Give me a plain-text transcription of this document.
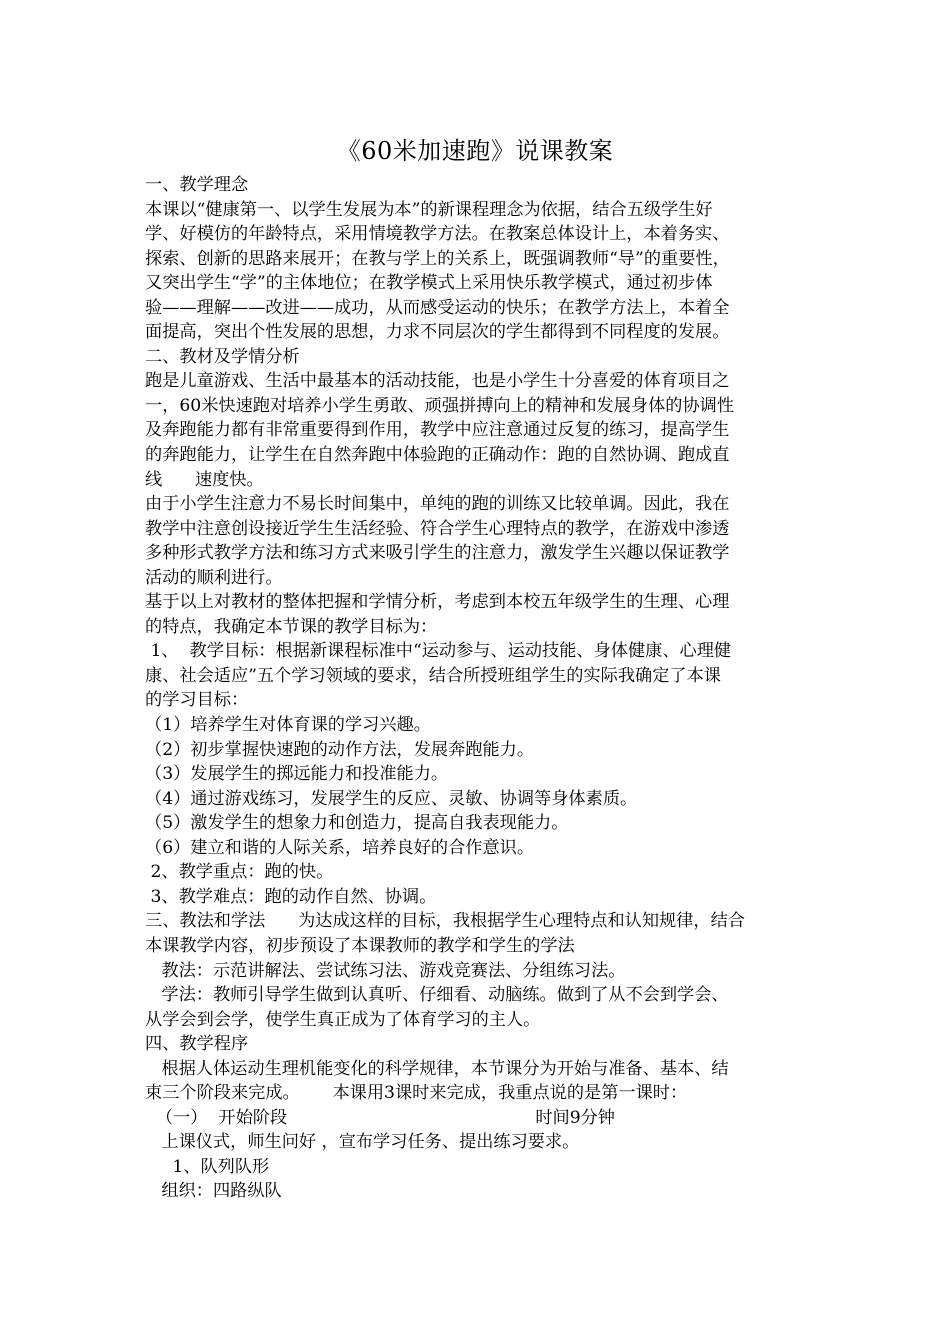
《60米加速跑》说课教案

一、教学理念

本课以“健康第一、以学生发展为本”的新课程理念为依据，结合五级学生好

学、好模仿的年龄特点，采用情境教学方法。在教案总体设计上，本着务实、

探索、创新的思路来展开；在教与学上的关系上，既强调教师“导”的重要性，

又突出学生“学”的主体地位；在教学模式上采用快乐教学模式，通过初步体

验——理解——改进——成功，从而感受运动的快乐；在教学方法上，本着全

面提高，突出个性发展的思想，力求不同层次的学生都得到不同程度的发展。

二、教材及学情分析

跑是儿童游戏、生活中最基本的活动技能，也是小学生十分喜爱的体育项目之

一，60米快速跑对培养小学生勇敢、顽强拼搏向上的精神和发展身体的协调性

及奔跑能力都有非常重要得到作用，教学中应注意通过反复的练习，提高学生

的奔跑能力，让学生在自然奔跑中体验跑的正确动作：跑的自然协调、跑成直

线      速度快。

由于小学生注意力不易长时间集中，单纯的跑的训练又比较单调。因此，我在

教学中注意创设接近学生生活经验、符合学生心理特点的教学，在游戏中渗透

多种形式教学方法和练习方式来吸引学生的注意力，激发学生兴趣以保证教学

活动的顺利进行。

基于以上对教材的整体把握和学情分析，考虑到本校五年级学生的生理、心理

的特点，我确定本节课的教学目标为：

1、  教学目标：根据新课程标准中“运动参与、运动技能、身体健康、心理健

康、社会适应”五个学习领域的要求，结合所授班组学生的实际我确定了本课

的学习目标：

（1）培养学生对体育课的学习兴趣。

（2）初步掌握快速跑的动作方法，发展奔跑能力。

（3）发展学生的掷远能力和投准能力。

（4）通过游戏练习，发展学生的反应、灵敏、协调等身体素质。

（5）激发学生的想象力和创造力，提高自我表现能力。

（6）建立和谐的人际关系，培养良好的合作意识。

2、教学重点：跑的快。

3、教学难点：跑的动作自然、协调。

三、教法和学法      为达成这样的目标，我根据学生心理特点和认知规律，结合

本课教学内容，初步预设了本课教师的教学和学生的学法

教法：示范讲解法、尝试练习法、游戏竞赛法、分组练习法。

学法：教师引导学生做到认真听、仔细看、动脑练。做到了从不会到学会、

从学会到会学，使学生真正成为了体育学习的主人。

四、教学程序

根据人体运动生理机能变化的科学规律，本节课分为开始与准备、基本、结

束三个阶段来完成。      本课用3课时来完成，我重点说的是第一课时：

（一）  开始阶段	时间9分钟

上课仪式，师生问好 ，宣布学习任务、提出练习要求。

1、队列队形

组织：四路纵队
